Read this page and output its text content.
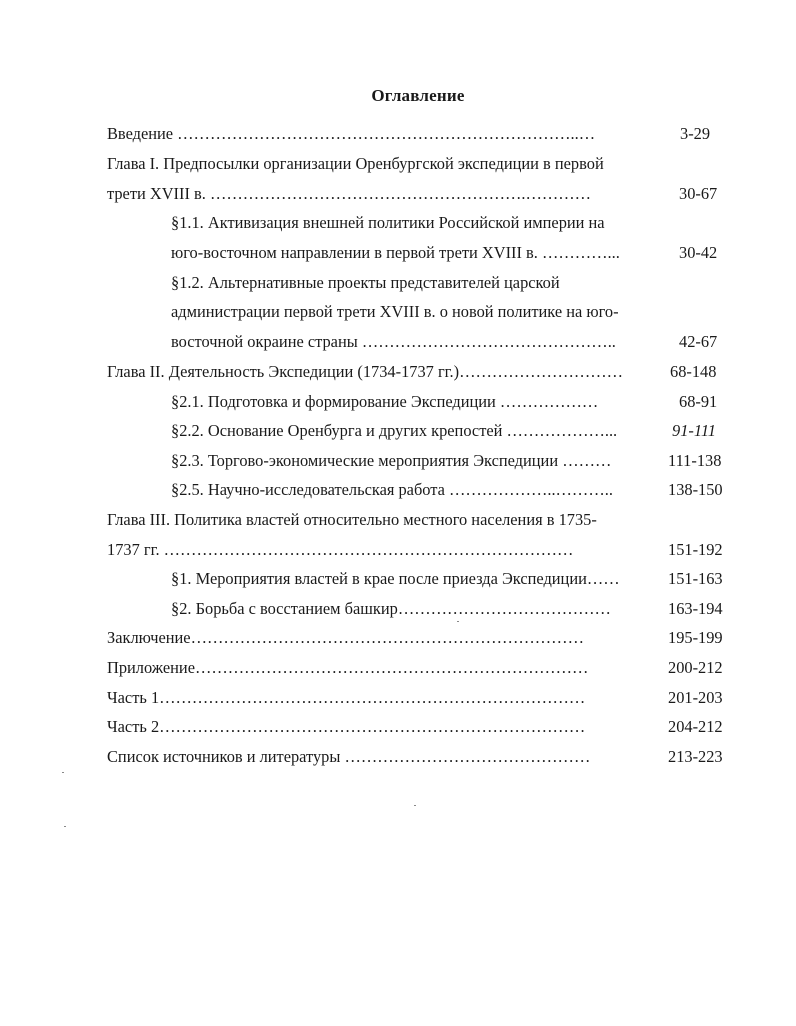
Оглавление
Введение ………………………………………………………………..…	3-29
Глава I. Предпосылки организации Оренбургской экспедиции в первой
трети XVIII в. ………………………………………………….…………	30-67
§1.1. Активизация внешней политики Российской империи на
юго-восточном направлении в первой трети XVIII в. …………...	30-42
§1.2. Альтернативные проекты представителей царской
администрации первой трети XVIII в. о новой политике на юго-
восточной окраине страны ………………………………………..	42-67
Глава II. Деятельность Экспедиции (1734-1737 гг.)…………………………	68-148
§2.1. Подготовка и формирование Экспедиции ………………	68-91
§2.2. Основание Оренбурга и других крепостей ………………...	91-111
§2.3. Торгово-экономические мероприятия Экспедиции ………	111-138
§2.5. Научно-исследовательская работа ………………..………..	138-150
Глава III. Политика властей относительно местного населения в 1735-
1737 гг. …………………………………………………………………	151-192
§1. Мероприятия властей в крае после приезда Экспедиции……	151-163
§2. Борьба с восстанием башкир…………………………………	163-194
Заключение………………………………………………………………	195-199
Приложение………………………………………………………………	200-212
Часть 1……………………………………………………………………	201-203
Часть 2……………………………………………………………………	204-212
Список источников и литературы ………………………………………	213-223
